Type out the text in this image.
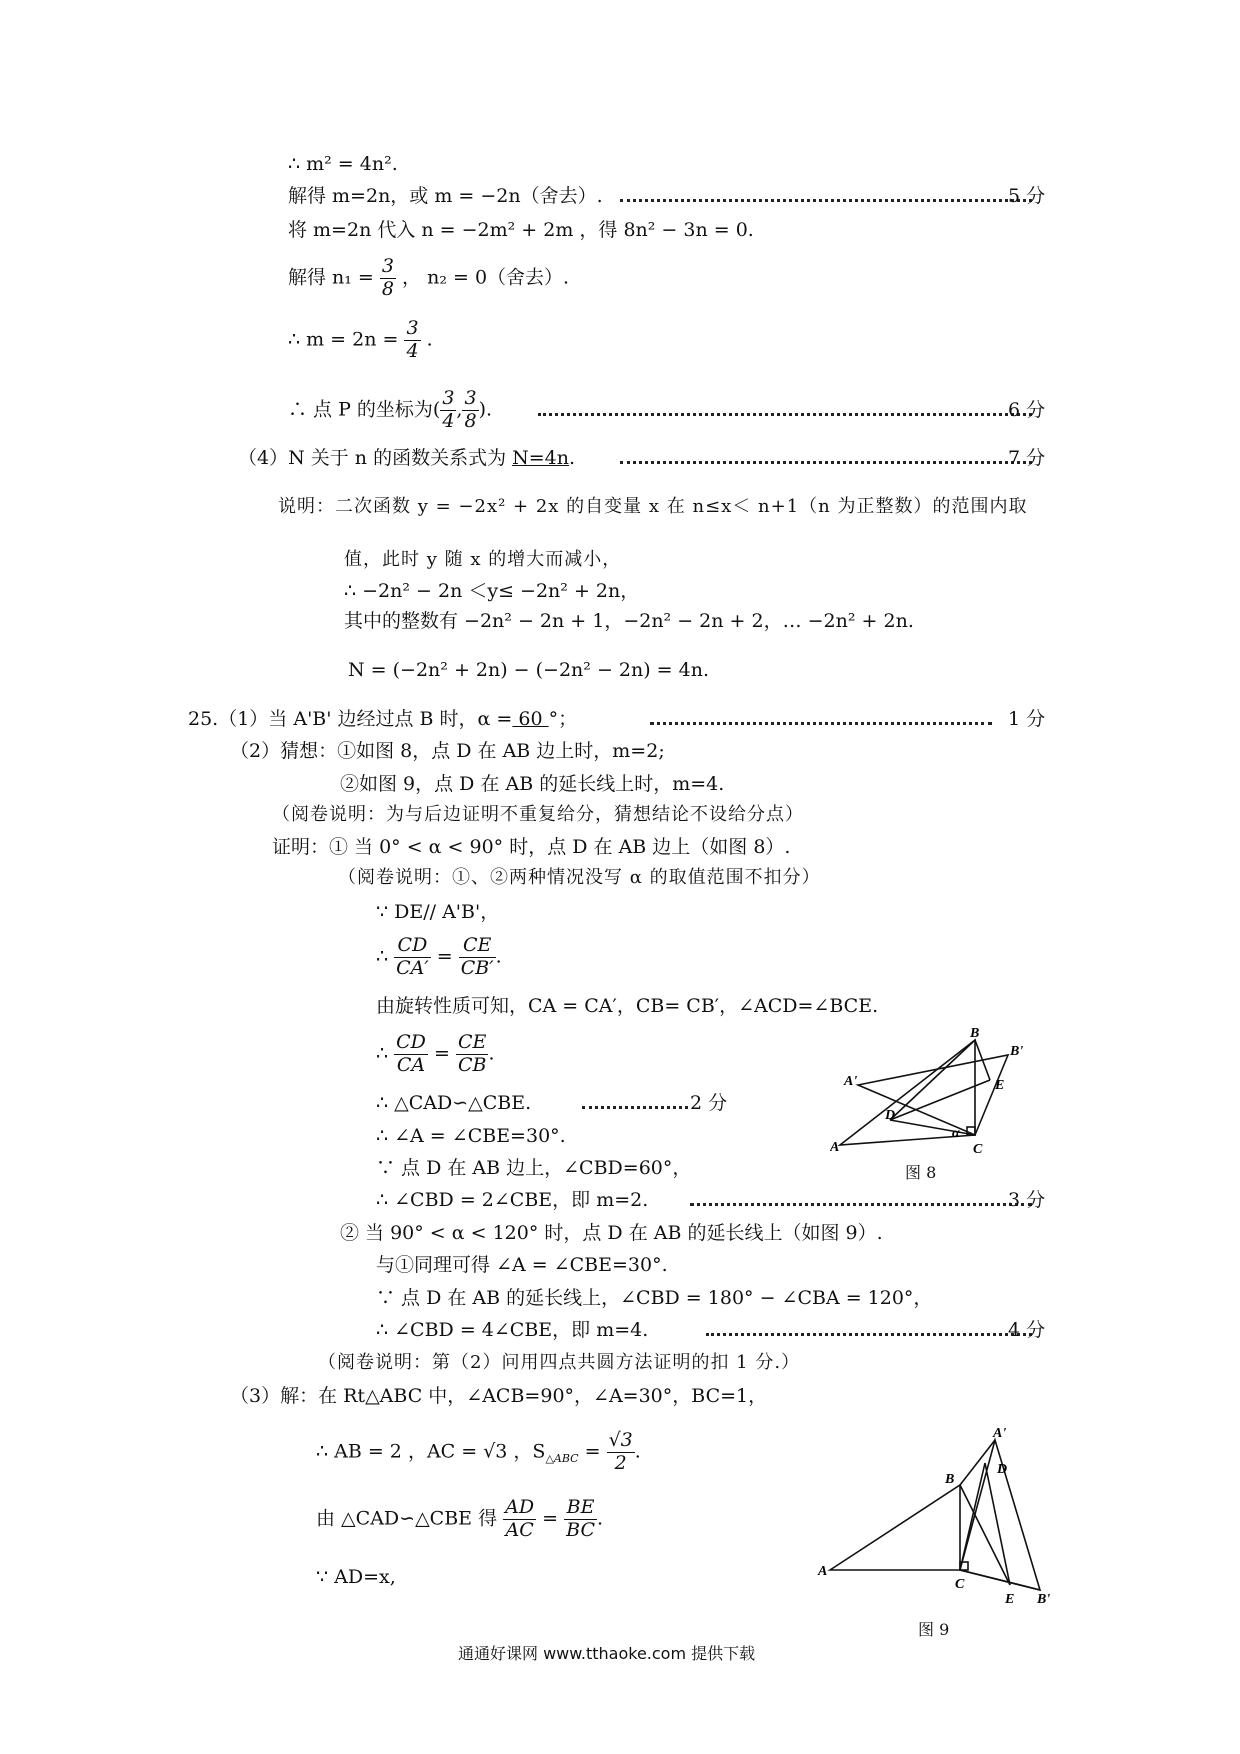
∴ m² = 4n².
解得 m=2n，或 m = −2n（舍去）.	5 分
将 m=2n 代入 n = −2m² + 2m ，得 8n² − 3n = 0.
解得 $n_1 = \frac{3}{8}$ ， n₂ = 0（舍去）.
∴ $m = 2n = \frac{3}{4}$ .
∴ 点 P 的坐标为( $\frac{3}{4}$ , $\frac{3}{8}$ ).	6 分
（4）N 关于 n 的函数关系式为 N=4n.	7 分
说明：二次函数 y = −2x² + 2x 的自变量 x 在 n≤x＜ n+1（n 为正整数）的范围内取
值，此时 y 随 x 的增大而减小，
∴ −2n² − 2n ＜y≤ −2n² + 2n，
其中的整数有 −2n² − 2n + 1，−2n² − 2n + 2，… −2n² + 2n.
N = (−2n² + 2n) − (−2n² − 2n) = 4n.
25.（1）当 A'B' 边经过点 B 时，α = 60 °；	1 分
（2）猜想：①如图 8，点 D 在 AB 边上时，m=2;
②如图 9，点 D 在 AB 的延长线上时，m=4.
（阅卷说明：为与后边证明不重复给分，猜想结论不设给分点）
证明：① 当 0° < α < 90° 时，点 D 在 AB 边上（如图 8）.
（阅卷说明：①、②两种情况没写 α 的取值范围不扣分）
∵ DE// A'B'，
∴ $\frac{CD}{CA'} = \frac{CE}{CB'}$ .
由旋转性质可知，CA = CA′，CB= CB′，∠ACD=∠BCE.
∴ $\frac{CD}{CA} = \frac{CE}{CB}$ .
∴ △CAD∽△CBE.	2 分
∴ ∠A = ∠CBE=30°.
∵ 点 D 在 AB 边上，∠CBD=60°，
∴ ∠CBD = 2∠CBE，即 m=2.	3 分
② 当 90° < α < 120° 时，点 D 在 AB 的延长线上（如图 9）.
与①同理可得 ∠A = ∠CBE=30°.
∵ 点 D 在 AB 的延长线上，∠CBD = 180° − ∠CBA = 120°，
∴ ∠CBD = 4∠CBE，即 m=4.	4 分
（阅卷说明：第（2）问用四点共圆方法证明的扣 1 分.）
（3）解：在 Rt△ABC 中，∠ACB=90°，∠A=30°，BC=1，
∴ AB = 2 ，AC = √3 ，$S_{\triangle ABC} = \frac{√3}{2}$ .
由 △CAD∽△CBE 得 $\frac{AD}{AC} = \frac{BE}{BC}$ .
∵ AD=x,
A
A'
B
B'
C
D
E
α
图 8
A
A'
B
B'
C
D
E
图 9
通通好课网 www.tthaoke.com 提供下载
